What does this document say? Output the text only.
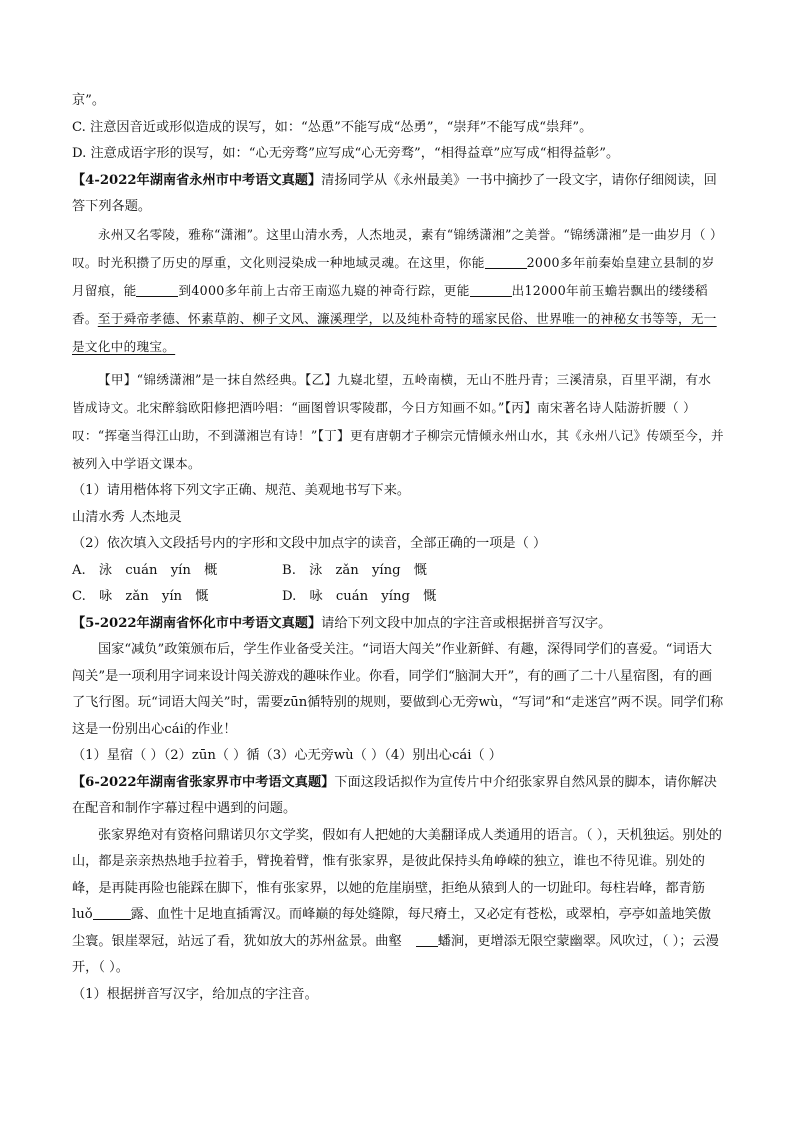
京”。

C. 注意因音近或形似造成的误写，如：“怂恿”不能写成“怂勇”，“崇拜”不能写成“祟拜”。

D. 注意成语字形的误写，如：“心无旁骛”应写成“心无旁骛”，“相得益章”应写成“相得益彰”。

【4-2022年湖南省永州市中考语文真题】清扬同学从《永州最美》一书中摘抄了一段文字，请你仔细阅读，回答下列各题。

永州又名零陵，雅称“潇湘”。这里山清水秀，人杰地灵，素有“锦绣潇湘”之美誉。“锦绣潇湘”是一曲岁月（ ）叹。时光积攒了历史的厚重，文化则浸染成一种地域灵魂。在这里，你能	2000多年前秦始皇建立县制的岁月留痕，能	到4000多年前上古帝王南巡九嶷的神奇行踪，更能	出12000年前玉蟾岩飘出的缕缕稻香。至于舜帝孝德、怀素草韵、柳子文风、濂溪理学，以及纯朴奇特的瑶家民俗、世界唯一的神秘女书等等，无一是文化中的瑰宝。

【甲】“锦绣潇湘”是一抹自然经典。【乙】九嶷北望，五岭南横，无山不胜丹青；三溪清泉，百里平湖，有水皆成诗文。北宋醉翁欧阳修把酒吟唱：“画图曾识零陵郡，今日方知画不如。”【丙】南宋著名诗人陆游折腰（ ）叹：“挥毫当得江山助，不到潇湘岂有诗！”【丁】更有唐朝才子柳宗元情倾永州山水，其《永州八记》传颂至今，并被列入中学语文课本。

（1）请用楷体将下列文字正确、规范、美观地书写下来。

山清水秀 人杰地灵

（2）依次填入文段括号内的字形和文段中加点字的读音，全部正确的一项是（ ）

A. 泳 cuán yín 概	B. 泳 zǎn yíng 慨
C. 咏 zǎn yín 慨	D. 咏 cuán yíng 慨

【5-2022年湖南省怀化市中考语文真题】请给下列文段中加点的字注音或根据拼音写汉字。

国家“减负”政策颁布后，学生作业备受关注。“词语大闯关”作业新鲜、有趣，深得同学们的喜爱。“词语大闯关”是一项利用字词来设计闯关游戏的趣味作业。你看，同学们“脑洞大开”，有的画了二十八星宿图，有的画了飞行图。玩“词语大闯关”时，需要zūn循特别的规则，要做到心无旁wù，“写词”和“走迷宫”两不误。同学们称这是一份别出心cái的作业！

（1）星宿（ ）（2）zūn（ ）循（3）心无旁wù（ ）（4）别出心cái（ ）

【6-2022年湖南省张家界市中考语文真题】下面这段话拟作为宣传片中介绍张家界自然风景的脚本，请你解决在配音和制作字幕过程中遇到的问题。

张家界绝对有资格问鼎诺贝尔文学奖，假如有人把她的大美翻译成人类通用的语言。（ ），天机独运。别处的山，都是亲亲热热地手拉着手，臂挽着臂，惟有张家界，是彼此保持头角峥嵘的独立，谁也不待见谁。别处的峰，是再陡再险也能踩在脚下，惟有张家界，以她的危崖崩壁，拒绝从猿到人的一切趾印。每柱岩峰，都青筋luǒ	露、血性十足地直插霄汉。而峰巅的每处缝隙，每尺瘠土，又必定有苍松，或翠柏，亭亭如盖地笑傲尘寰。银崖翠冠，站远了看，犹如放大的苏州盆景。曲壑	蟠涧，更增添无限空蒙幽翠。风吹过，（ ）；云漫开，（ ）。

（1）根据拼音写汉字，给加点的字注音。
